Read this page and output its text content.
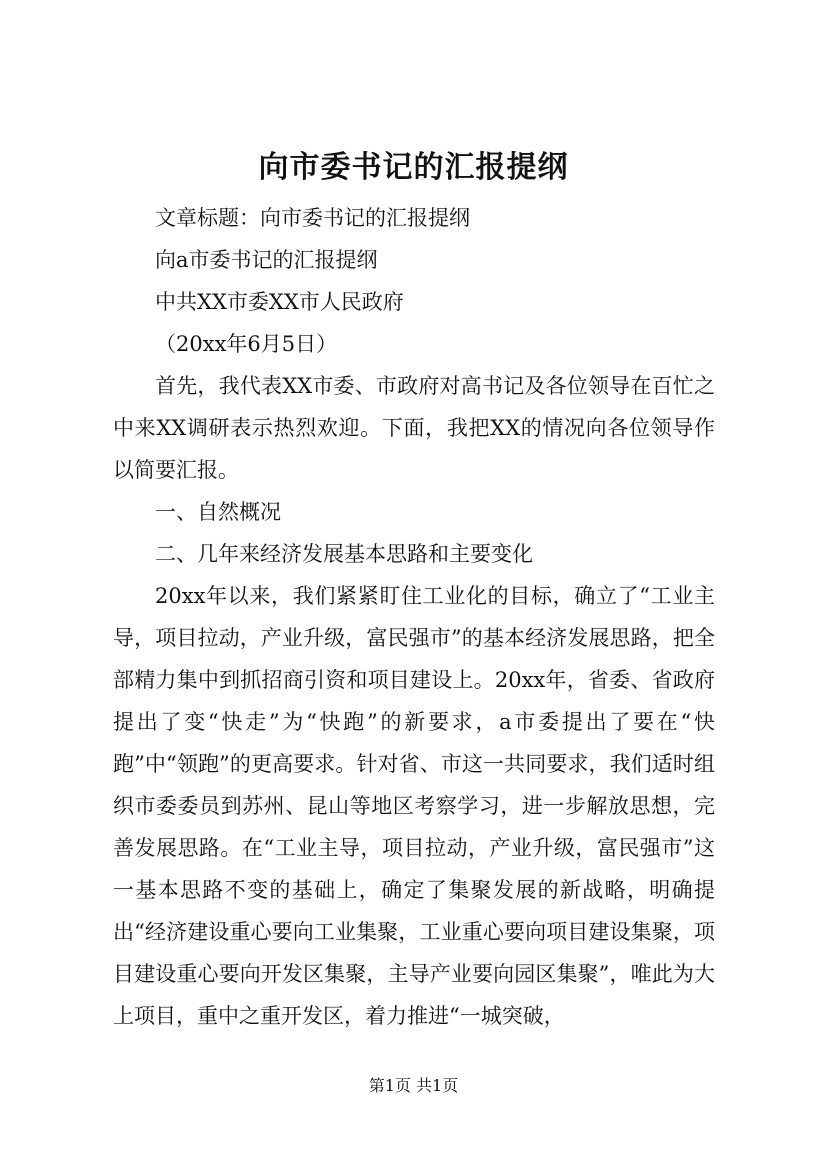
向市委书记的汇报提纲

文章标题：向市委书记的汇报提纲

向a市委书记的汇报提纲

中共XX市委XX市人民政府

（20xx年6月5日）

首先，我代表XX市委、市政府对高书记及各位领导在百忙之中来XX调研表示热烈欢迎。下面，我把XX的情况向各位领导作以简要汇报。

一、自然概况

二、几年来经济发展基本思路和主要变化

20xx年以来，我们紧紧盯住工业化的目标，确立了“工业主导，项目拉动，产业升级，富民强市”的基本经济发展思路，把全部精力集中到抓招商引资和项目建设上。20xx年，省委、省政府提出了变“快走”为“快跑”的新要求，a市委提出了要在“快跑”中“领跑”的更高要求。针对省、市这一共同要求，我们适时组织市委委员到苏州、昆山等地区考察学习，进一步解放思想，完善发展思路。在“工业主导，项目拉动，产业升级，富民强市”这一基本思路不变的基础上，确定了集聚发展的新战略，明确提出“经济建设重心要向工业集聚，工业重心要向项目建设集聚，项目建设重心要向开发区集聚，主导产业要向园区集聚”，唯此为大上项目，重中之重开发区，着力推进“一城突破，

第1页 共1页
